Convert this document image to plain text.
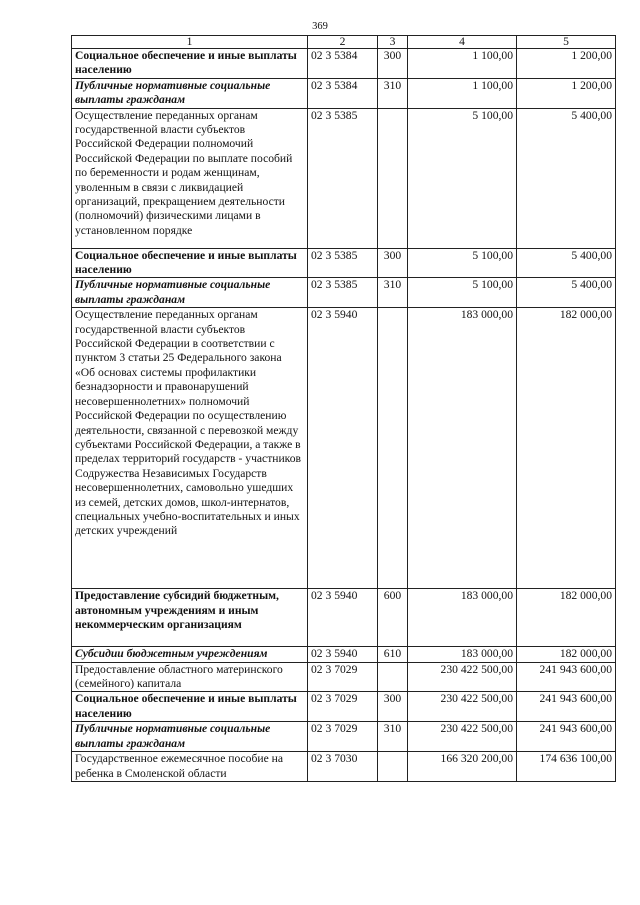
369
1	2	3	4	5
Социальное обеспечение и иные выплаты населению	02 3 5384	300	1 100,00	1 200,00
Публичные нормативные социальные выплаты гражданам	02 3 5384	310	1 100,00	1 200,00
Осуществление переданных органам государственной власти субъектов Российской Федерации полномочий Российской Федерации по выплате пособий по беременности и родам женщинам, уволенным в связи с ликвидацией организаций, прекращением деятельности (полномочий) физическими лицами в установленном порядке	02 3 5385		5 100,00	5 400,00
Социальное обеспечение и иные выплаты населению	02 3 5385	300	5 100,00	5 400,00
Публичные нормативные социальные выплаты гражданам	02 3 5385	310	5 100,00	5 400,00
Осуществление переданных органам государственной власти субъектов Российской Федерации в соответствии с пунктом 3 статьи 25 Федерального закона «Об основах системы профилактики безнадзорности и правонарушений несовершеннолетних» полномочий Российской Федерации по осуществлению деятельности, связанной с перевозкой между субъектами Российской Федерации, а также в пределах территорий государств - участников Содружества Независимых Государств несовершеннолетних, самовольно ушедших из семей, детских домов, школ-интернатов, специальных учебно-воспитательных и иных детских учреждений	02 3 5940		183 000,00	182 000,00
Предоставление субсидий бюджетным, автономным учреждениям и иным некоммерческим организациям	02 3 5940	600	183 000,00	182 000,00
Субсидии бюджетным учреждениям	02 3 5940	610	183 000,00	182 000,00
Предоставление областного материнского (семейного) капитала	02 3 7029		230 422 500,00	241 943 600,00
Социальное обеспечение и иные выплаты населению	02 3 7029	300	230 422 500,00	241 943 600,00
Публичные нормативные социальные выплаты гражданам	02 3 7029	310	230 422 500,00	241 943 600,00
Государственное ежемесячное пособие на ребенка в Смоленской области	02 3 7030		166 320 200,00	174 636 100,00
